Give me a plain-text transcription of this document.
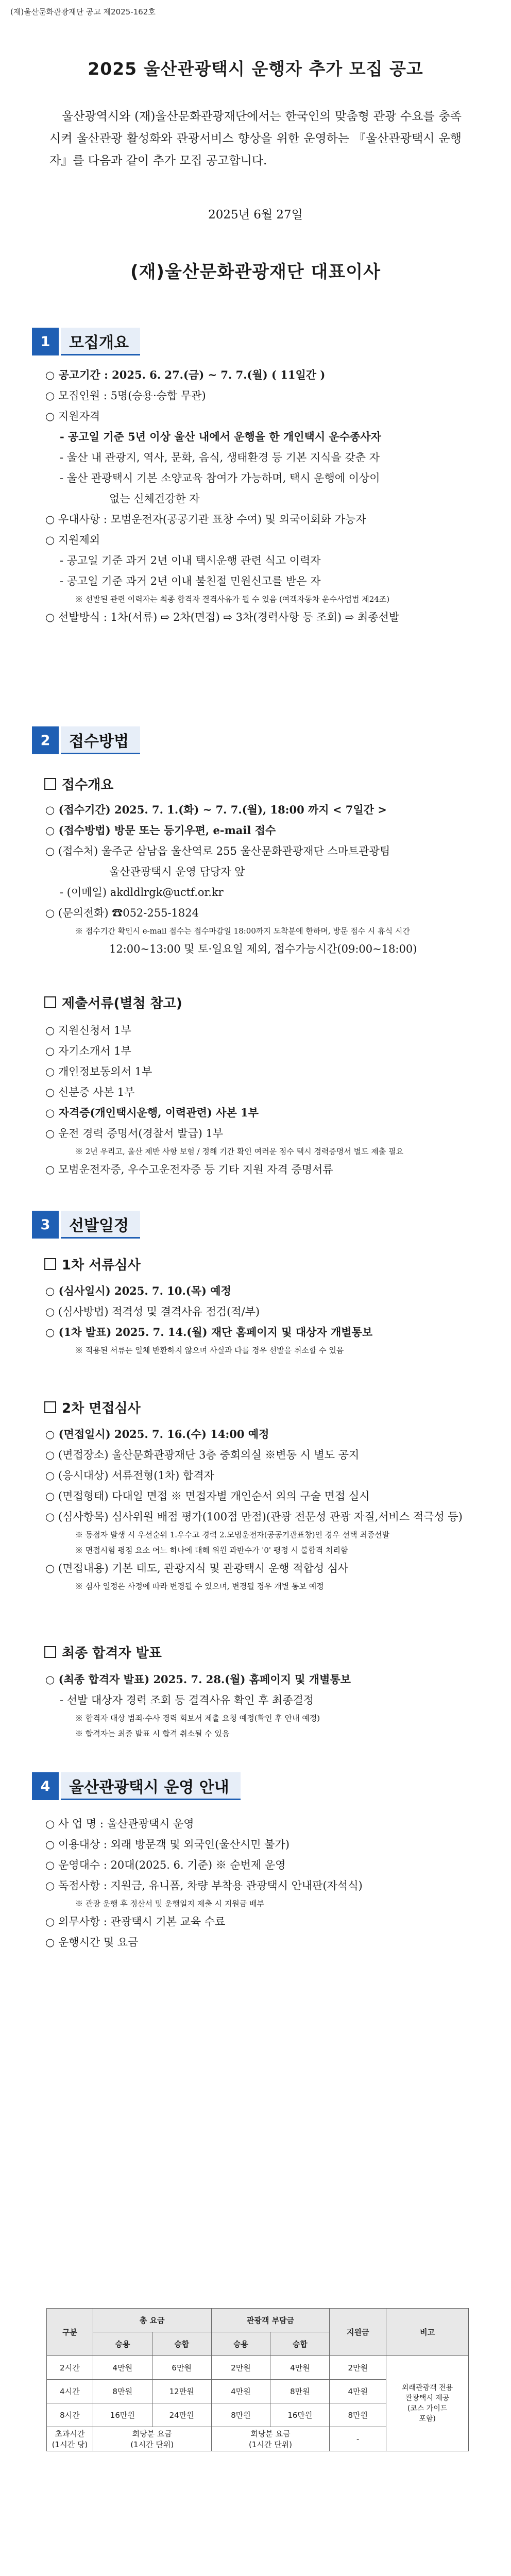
(재)울산문화관광재단 공고 제2025-162호
2025 울산관광택시 운행자 추가 모집 공고

울산광역시와 (재)울산문화관광재단에서는 한국인의 맞춤형 관광 수요를 충족시켜 울산관광 활성화와 관광서비스 향상을 위한 운영하는 『울산관광택시 운행자』를 다음과 같이 추가 모집 공고합니다.

2025년 6월 27일
(재)울산문화관광재단 대표이사
1	모집개요
○ 공고기간 : 2025. 6. 27.(금) ~ 7. 7.(월) ( 11일간 )
○ 모집인원 : 5명(승용·승합 무관)
○ 지원자격
- 공고일 기준 5년 이상 울산 내에서 운행을 한 개인택시 운수종사자
- 울산 내 관광지, 역사, 문화, 음식, 생태환경 등 기본 지식을 갖춘 자
- 울산 관광택시 기본 소양교육 참여가 가능하며, 택시 운행에 이상이
없는 신체건강한 자
○ 우대사항 : 모범운전자(공공기관 표창 수여) 및 외국어회화 가능자
○ 지원제외
- 공고일 기준 과거 2년 이내 택시운행 관련 식고 이력자
- 공고일 기준 과거 2년 이내 불친절 민원신고를 받은 자
※ 선발된 관련 이력자는 최종 합격자 결격사유가 될 수 있음 (여객자동차 운수사업법 제24조)
○ 선발방식 : 1차(서류) ⇨ 2차(면접) ⇨ 3차(경력사항 등 조회) ⇨ 최종선발
2	접수방법
접수개요
○ (접수기간) 2025. 7. 1.(화) ~ 7. 7.(월), 18:00 까지 < 7일간 >
○ (접수방법) 방문 또는 등기우편, e-mail 접수
○ (접수처) 울주군 삼남읍 울산역로 255 울산문화관광재단 스마트관광팀
울산관광택시 운영 담당자 앞
- (이메일) akdldlrgk@uctf.or.kr
○ (문의전화) ☎052-255-1824
※ 접수기간 확인시 e-mail 접수는 접수마감일 18:00까지 도착분에 한하며, 방문 접수 시 휴식 시간
12:00~13:00 및 토·일요일 제외, 접수가능시간(09:00~18:00)
제출서류(별첨 참고)
○ 지원신청서 1부
○ 자기소개서 1부
○ 개인정보동의서 1부
○ 신분증 사본 1부
○ 자격증(개인택시운행, 이력관련) 사본 1부
○ 운전 경력 증명서(경찰서 발급) 1부
※ 2년 우리고, 울산 제반 사항 보험 / 정해 기간 확인 여러운 점수 택시 경력증명서 별도 제출 필요
○ 모범운전자증, 우수고운전자증 등 기타 지원 자격 증명서류
3	선발일정
1차 서류심사
○ (심사일시) 2025. 7. 10.(목) 예정
○ (심사방법) 적격성 및 결격사유 점검(적/부)
○ (1차 발표) 2025. 7. 14.(월) 재단 홈페이지 및 대상자 개별통보
※ 적용된 서류는 일체 반환하지 않으며 사실과 다를 경우 선발을 취소할 수 있음
2차 면접심사
○ (면접일시) 2025. 7. 16.(수) 14:00 예정
○ (면접장소) 울산문화관광재단 3층 중회의실 ※변동 시 별도 공지
○ (응시대상) 서류전형(1차) 합격자
○ (면접형태) 다대일 면접 ※ 면접자별 개인순서 외의 구술 면접 실시
○ (심사항목) 심사위원 배점 평가(100점 만점)(관광 전문성 관광 자질,서비스 적극성 등)
※ 동점자 발생 시 우선순위 1.우수고 경력 2.모범운전자(공공기관표창)인 경우 선택 최종선발
※ 면접시험 평점 요소 어느 하나에 대해 위원 과반수가 '0' 평정 시 불합격 처리함
○ (면접내용) 기본 태도, 관광지식 및 관광택시 운행 적합성 심사
※ 심사 일정은 사정에 따라 변경될 수 있으며, 변경될 경우 개별 통보 예정
최종 합격자 발표
○ (최종 합격자 발표) 2025. 7. 28.(월) 홈페이지 및 개별통보
- 선발 대상자 경력 조회 등 결격사유 확인 후 최종결정
※ 합격자 대상 범죄·수사 경력 회보서 제출 요청 예정(확인 후 안내 예정)
※ 합격자는 최종 발표 시 합격 취소될 수 있음
4	울산관광택시 운영 안내
○ 사 업 명 : 울산관광택시 운영
○ 이용대상 : 외래 방문객 및 외국인(울산시민 불가)
○ 운영대수 : 20대(2025. 6. 기준) ※ 순번제 운영
○ 독점사항 : 지원금, 유니폼, 차량 부착용 관광택시 안내판(자석식)
※ 관광 운행 후 정산서 및 운행일지 제출 시 지원금 배부
○ 의무사항 : 관광택시 기본 교육 수료
○ 운행시간 및 요금
구분	총 요금		관광객 부담금		지원금	비고
	승용	승합	승용	승합		
2시간	4만원	6만원	2만원	4만원	2만원	외래관광객 전용
관광택시 제공
(코스 가이드
포함)
4시간	8만원	12만원	4만원	8만원	4만원	
8시간	16만원	24만원	8만원	16만원	8만원	
초과시간
(1시간 당)	회당분 요금
(1시간 단위)		회당분 요금
(1시간 단위)		-	
